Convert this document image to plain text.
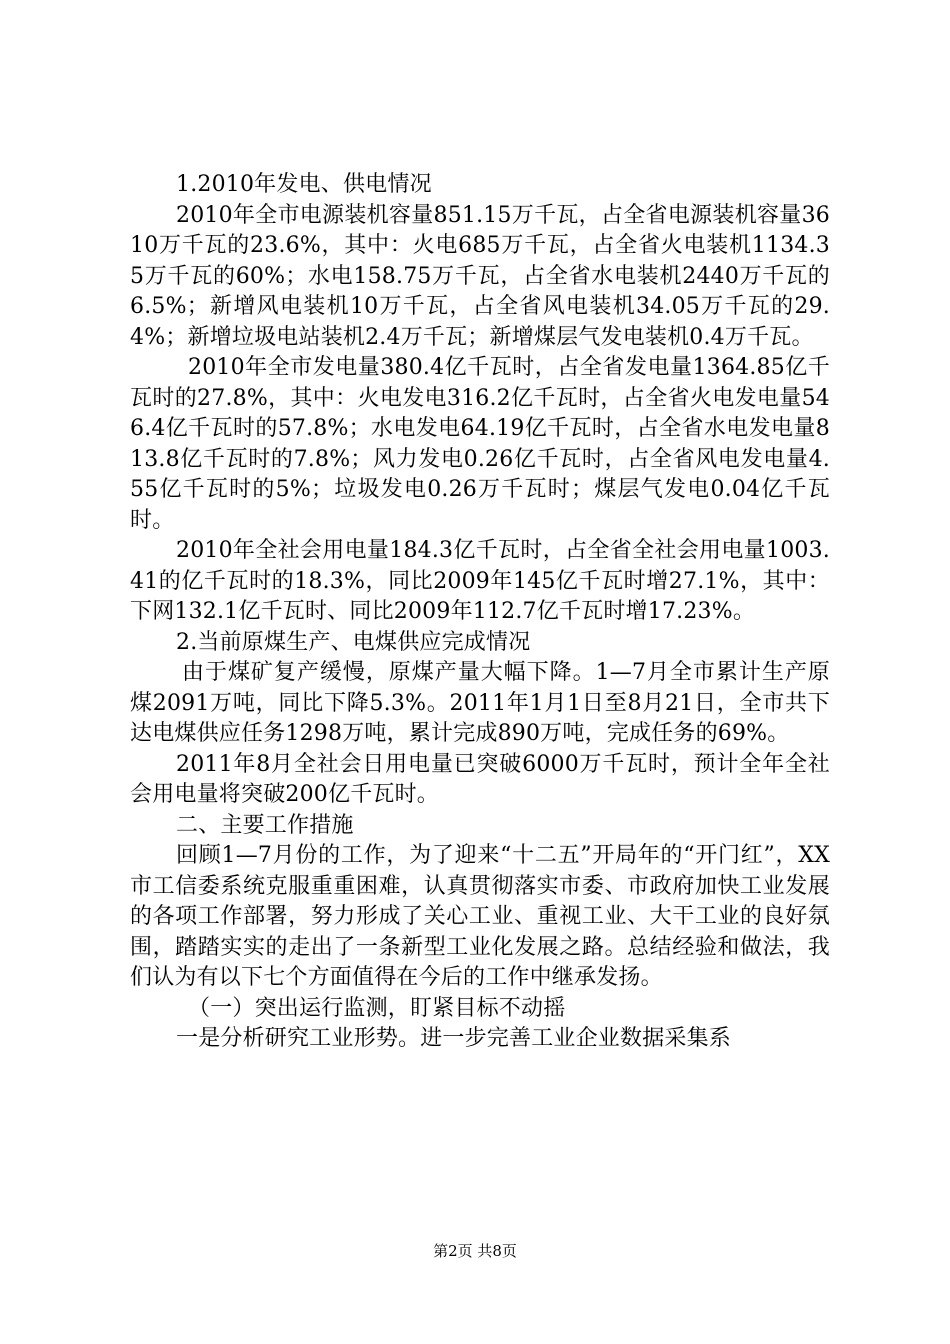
1.2010年发电、供电情况

2010年全市电源装机容量851.15万千瓦，占全省电源装机容量3610万千瓦的23.6%，其中：火电685万千瓦，占全省火电装机1134.35万千瓦的60%；水电158.75万千瓦，占全省水电装机2440万千瓦的6.5%；新增风电装机10万千瓦，占全省风电装机34.05万千瓦的29.4%；新增垃圾电站装机2.4万千瓦；新增煤层气发电装机0.4万千瓦。

2010年全市发电量380.4亿千瓦时，占全省发电量1364.85亿千瓦时的27.8%，其中：火电发电316.2亿千瓦时，占全省火电发电量546.4亿千瓦时的57.8%；水电发电64.19亿千瓦时，占全省水电发电量813.8亿千瓦时的7.8%；风力发电0.26亿千瓦时，占全省风电发电量4.55亿千瓦时的5%；垃圾发电0.26万千瓦时；煤层气发电0.04亿千瓦时。

2010年全社会用电量184.3亿千瓦时，占全省全社会用电量1003.41的亿千瓦时的18.3%，同比2009年145亿千瓦时增27.1%，其中：下网132.1亿千瓦时、同比2009年112.7亿千瓦时增17.23%。

2.当前原煤生产、电煤供应完成情况

由于煤矿复产缓慢，原煤产量大幅下降。1—7月全市累计生产原煤2091万吨，同比下降5.3%。2011年1月1日至8月21日，全市共下达电煤供应任务1298万吨，累计完成890万吨，完成任务的69%。

2011年8月全社会日用电量已突破6000万千瓦时，预计全年全社会用电量将突破200亿千瓦时。

二、主要工作措施

回顾1—7月份的工作，为了迎来“十二五”开局年的“开门红”，XX市工信委系统克服重重困难，认真贯彻落实市委、市政府加快工业发展的各项工作部署，努力形成了关心工业、重视工业、大干工业的良好氛围，踏踏实实的走出了一条新型工业化发展之路。总结经验和做法，我们认为有以下七个方面值得在今后的工作中继承发扬。

（一）突出运行监测，盯紧目标不动摇

一是分析研究工业形势。进一步完善工业企业数据采集系

第2页 共8页
